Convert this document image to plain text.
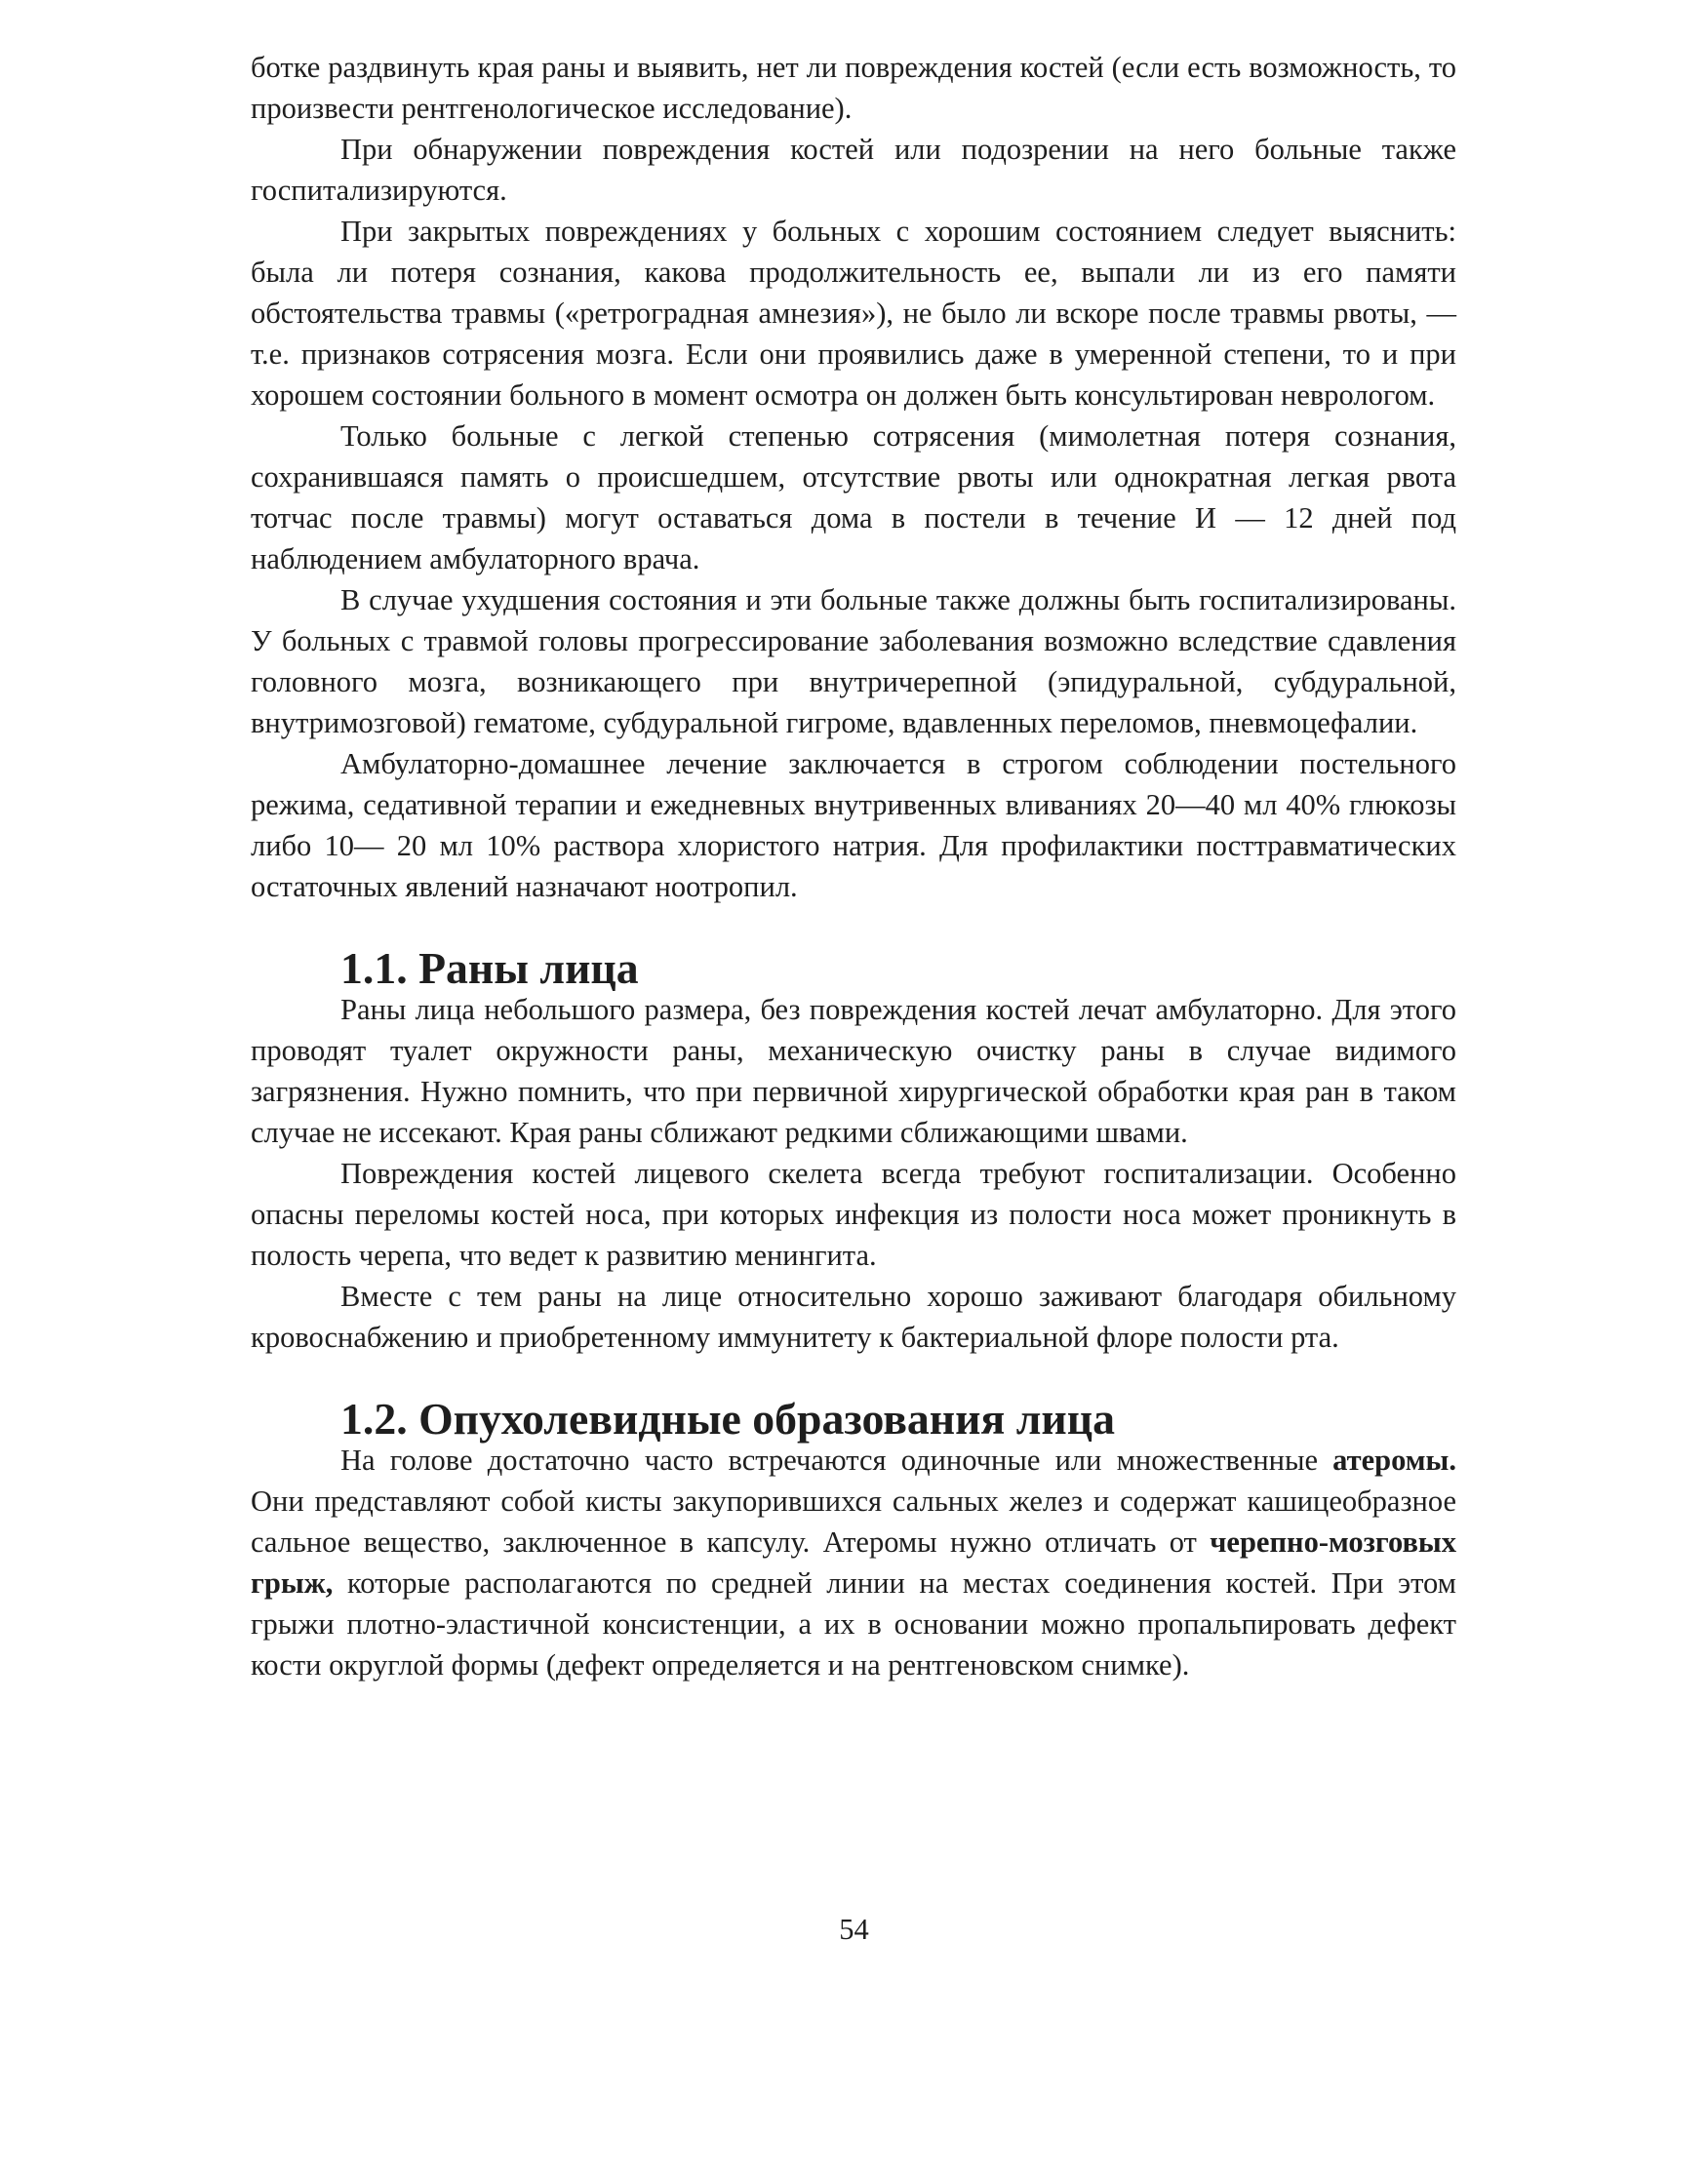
ботке раздвинуть края раны и выявить, нет ли повреждения костей (если есть возможность, то произвести рентгенологическое исследование).

При обнаружении повреждения костей или подозрении на него больные также госпитализируются.

При закрытых повреждениях у больных с хорошим состоянием следует выяснить: была ли потеря сознания, какова продолжительность ее, выпали ли из его памяти обстоятельства травмы («ретроградная амнезия»), не было ли вскоре после травмы рвоты, — т.е. признаков сотрясения мозга. Если они проявились даже в умеренной степени, то и при хорошем состоянии больного в момент осмотра он должен быть консультирован неврологом.

Только больные с легкой степенью сотрясения (мимолетная потеря сознания, сохранившаяся память о происшедшем, отсутствие рвоты или однократная легкая рвота тотчас после травмы) могут оставаться дома в постели в течение И — 12 дней под наблюдением амбулаторного врача.

В случае ухудшения состояния и эти больные также должны быть госпитализированы. У больных с травмой головы прогрессирование заболевания возможно вследствие сдавления головного мозга, возникающего при внутричерепной (эпидуральной, субдуральной, внутримозговой) гематоме, субдуральной гигроме, вдавленных переломов, пневмоцефалии.

Амбулаторно-домашнее лечение заключается в строгом соблюдении постельного режима, седативной терапии и ежедневных внутривенных вливаниях 20—40 мл 40% глюкозы либо 10— 20 мл 10% раствора хлористого натрия. Для профилактики посттравматических остаточных явлений назначают ноотропил.

1.1. Раны лица

Раны лица небольшого размера, без повреждения костей лечат амбулаторно. Для этого проводят туалет окружности раны, механическую очистку раны в случае видимого загрязнения. Нужно помнить, что при первичной хирургической обработки края ран в таком случае не иссекают. Края раны сближают редкими сближающими швами.

Повреждения костей лицевого скелета всегда требуют госпитализации. Особенно опасны переломы костей носа, при которых инфекция из полости носа может проникнуть в полость черепа, что ведет к развитию менингита.

Вместе с тем раны на лице относительно хорошо заживают благодаря обильному кровоснабжению и приобретенному иммунитету к бактериальной флоре полости рта.

1.2. Опухолевидные образования лица

На голове достаточно часто встречаются одиночные или множественные атеромы. Они представляют собой кисты закупорившихся сальных желез и содержат кашицеобразное сальное вещество, заключенное в капсулу. Атеромы нужно отличать от черепно-мозговых грыж, которые располагаются по средней линии на местах соединения костей. При этом грыжи плотно-эластичной консистенции, а их в основании можно пропальпировать дефект кости округлой формы (дефект определяется и на рентгеновском снимке).

54
